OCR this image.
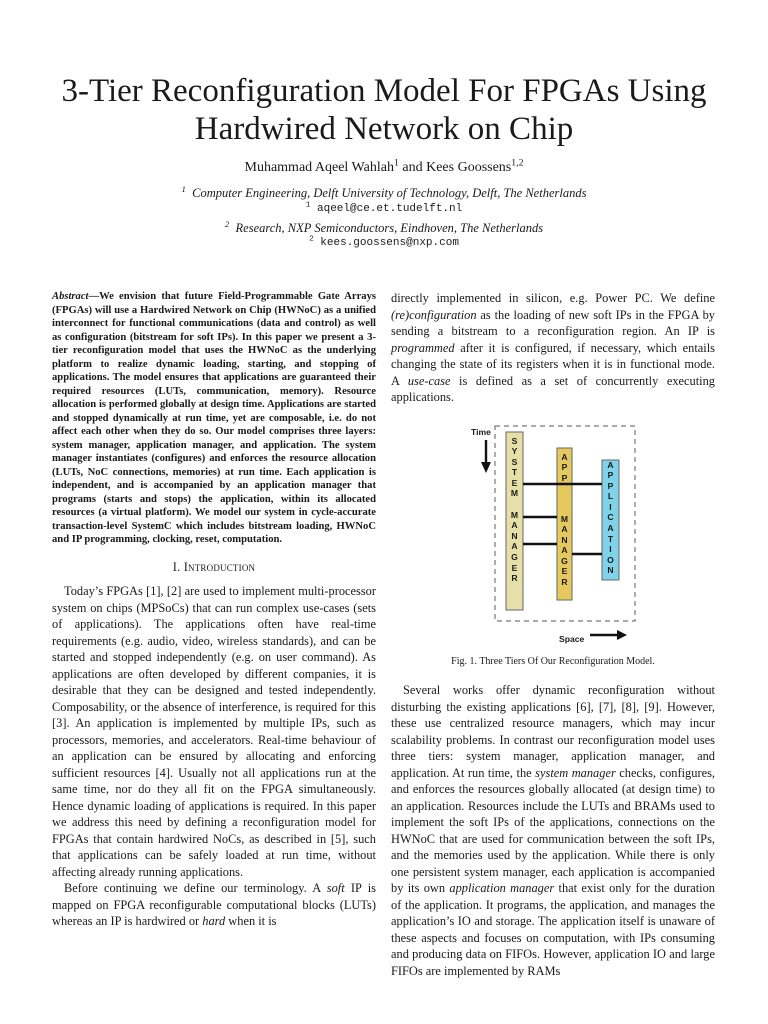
3-Tier Reconfiguration Model For FPGAs Using
Hardwired Network on Chip
Muhammad Aqeel Wahlah$^1$ and Kees Goossens$^{1,2}$
$^1$ Computer Engineering, Delft University of Technology, Delft, The Netherlands
$^1$ aqeel@ce.et.tudelft.nl
$^2$ Research, NXP Semiconductors, Eindhoven, The Netherlands
$^2$ kees.goossens@nxp.com

Abstract—We envision that future Field-Programmable Gate Arrays (FPGAs) will use a Hardwired Network on Chip (HWNoC) as a unified interconnect for functional communications (data and control) as well as configuration (bitstream for soft IPs). In this paper we present a 3-tier reconfiguration model that uses the HWNoC as the underlying platform to realize dynamic loading, starting, and stopping of applications. The model ensures that applications are guaranteed their required resources (LUTs, communication, memory). Resource allocation is performed globally at design time. Applications are started and stopped dynamically at run time, yet are composable, i.e. do not affect each other when they do so. Our model comprises three layers: system manager, application manager, and application. The system manager instantiates (configures) and enforces the resource allocation (LUTs, NoC connections, memories) at run time. Each application is independent, and is accompanied by an application manager that programs (starts and stops) the application, within its allocated resources (a virtual platform). We model our system in cycle-accurate transaction-level SystemC which includes bitstream loading, HWNoC and IP programming, clocking, reset, computation.

I. Introduction

Today’s FPGAs [1], [2] are used to implement multi-processor system on chips (MPSoCs) that can run complex use-cases (sets of applications). The applications often have real-time requirements (e.g. audio, video, wireless standards), and can be started and stopped independently (e.g. on user command). As applications are often developed by different companies, it is desirable that they can be designed and tested independently. Composability, or the absence of interference, is required for this [3]. An application is implemented by multiple IPs, such as processors, memories, and accelerators. Real-time behaviour of an application can be ensured by allocating and enforcing sufficient resources [4]. Usually not all applications run at the same time, nor do they all fit on the FPGA simultaneously. Hence dynamic loading of applications is required. In this paper we address this need by defining a reconfiguration model for FPGAs that contain hardwired NoCs, as described in [5], such that applications can be safely loaded at run time, without affecting already running applications.

Before continuing we define our terminology. A soft IP is mapped on FPGA reconfigurable computational blocks (LUTs) whereas an IP is hardwired or hard when it is

directly implemented in silicon, e.g. Power PC. We define (re)configuration as the loading of new soft IPs in the FPGA by sending a bitstream to a reconfiguration region. An IP is programmed after it is configured, if necessary, which entails changing the state of its registers when it is in functional mode. A use-case is defined as a set of concurrently executing applications.

Time
Space
S
Y
S
T
E
M

M
A
N
A
G
E
R
A
P
P
M
A
N
A
G
E
R
A
P
P
L
I
C
A
T
I
O
N
Fig. 1. Three Tiers Of Our Reconfiguration Model.

Several works offer dynamic reconfiguration without disturbing the existing applications [6], [7], [8], [9]. However, these use centralized resource managers, which may incur scalability problems. In contrast our reconfiguration model uses three tiers: system manager, application manager, and application. At run time, the system manager checks, configures, and enforces the resources globally allocated (at design time) to an application. Resources include the LUTs and BRAMs used to implement the soft IPs of the applications, connections on the HWNoC that are used for communication between the soft IPs, and the memories used by the application. While there is only one persistent system manager, each application is accompanied by its own application manager that exist only for the duration of the application. It programs, the application, and manages the application’s IO and storage. The application itself is unaware of these aspects and focuses on computation, with IPs consuming and producing data on FIFOs. However, application IO and large FIFOs are implemented by RAMs
